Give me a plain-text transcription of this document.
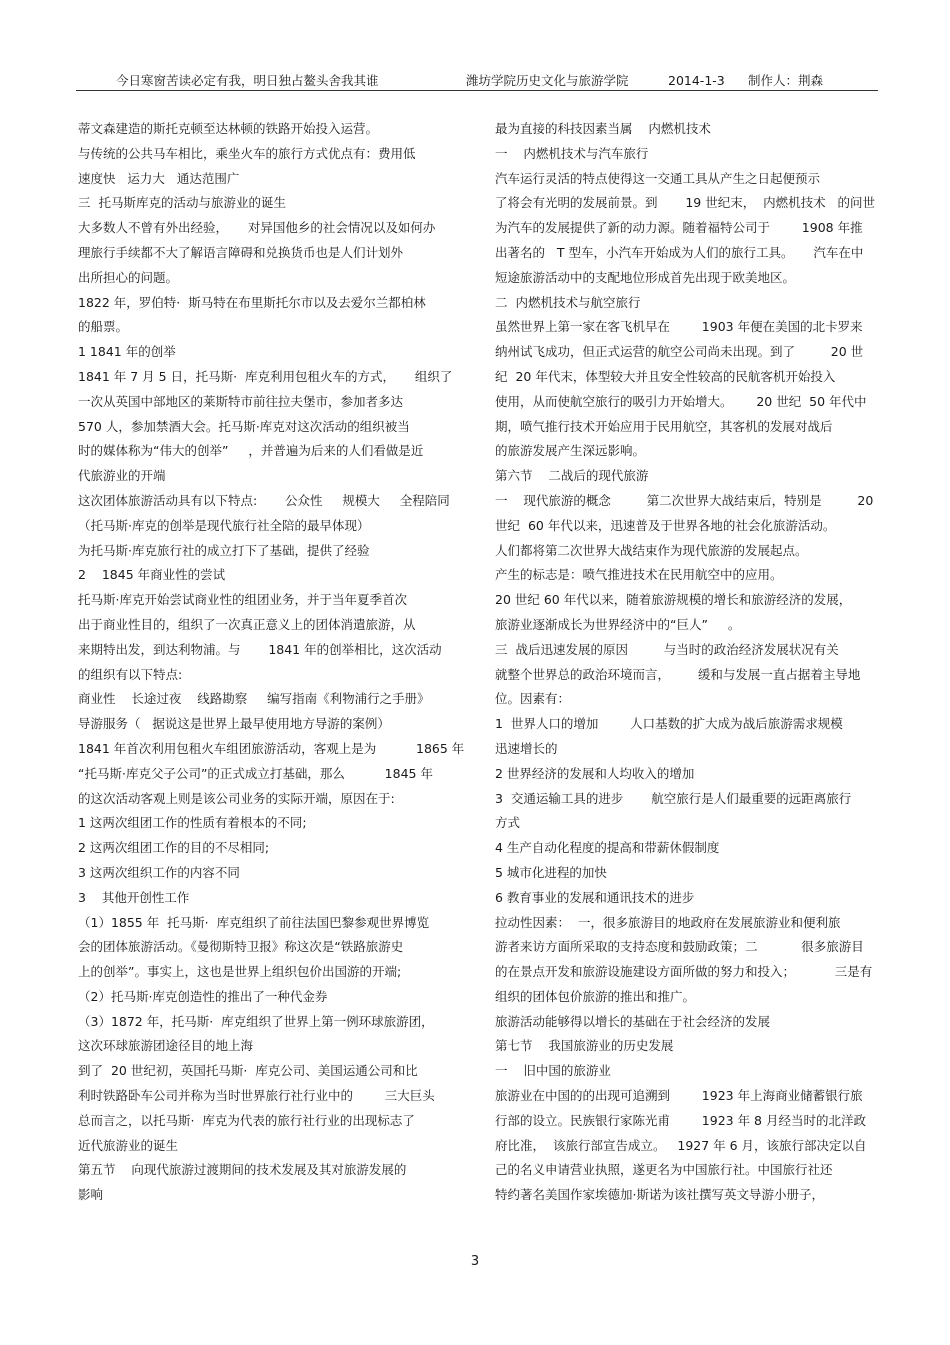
今日寒窗苦读必定有我，明日独占鳌头舍我其谁	潍坊学院历史文化与旅游学院	2014-1-3 制作人：荆森
蒂文森建造的斯托克顿至达林顿的铁路开始投入运营。
与传统的公共马车相比，乘坐火车的旅行方式优点有：费用低
速度快   运力大   通达范围广
三  托马斯库克的活动与旅游业的诞生
大多数人不曾有外出经验，     对异国他乡的社会情况以及如何办
理旅行手续都不大了解语言障碍和兑换货币也是人们计划外
出所担心的问题。
1822 年，罗伯特·  斯马特在布里斯托尔市以及去爱尔兰都柏林
的船票。
1 1841 年的创举
1841 年 7 月 5 日，托马斯·  库克利用包租火车的方式，     组织了
一次从英国中部地区的莱斯特市前往拉夫堡市，参加者多达
570 人，参加禁酒大会。托马斯·库克对这次活动的组织被当
时的媒体称为“伟大的创举”     ，并普遍为后来的人们看做是近
代旅游业的开端
这次团体旅游活动具有以下特点:       公众性     规模大     全程陪同
（托马斯·库克的创举是现代旅行社全陪的最早体现）
为托马斯·库克旅行社的成立打下了基础，提供了经验
2    1845 年商业性的尝试
托马斯·库克开始尝试商业性的组团业务，并于当年夏季首次
出于商业性目的，组织了一次真正意义上的团体消遣旅游，从
来期特出发，到达利物浦。与       1841 年的创举相比，这次活动
的组织有以下特点:
商业性    长途过夜    线路勘察     编写指南《利物浦行之手册》
导游服务（   据说这是世界上最早使用地方导游的案例）
1841 年首次利用包租火车组团旅游活动，客观上是为          1865 年
“托马斯·库克父子公司”的正式成立打基础，那么          1845 年
的这次活动客观上则是该公司业务的实际开端，原因在于:
1 这两次组团工作的性质有着根本的不同;
2 这两次组团工作的目的不尽相同;
3 这两次组织工作的内容不同
3    其他开创性工作
（1）1855 年  托马斯·  库克组织了前往法国巴黎参观世界博览
会的团体旅游活动。《曼彻斯特卫报》称这次是“铁路旅游史
上的创举”。事实上，这也是世界上组织包价出国游的开端;
（2）托马斯·库克创造性的推出了一种代金券
（3）1872 年，托马斯·  库克组织了世界上第一例环球旅游团，
这次环球旅游团途径目的地上海
到了  20 世纪初，英国托马斯·  库克公司、美国运通公司和比
利时铁路卧车公司并称为当时世界旅行社行业中的        三大巨头
总而言之，以托马斯·  库克为代表的旅行社行业的出现标志了
近代旅游业的诞生
第五节    向现代旅游过渡期间的技术发展及其对旅游发展的
影响
最为直接的科技因素当属    内燃机技术
一    内燃机技术与汽车旅行
汽车运行灵活的特点使得这一交通工具从产生之日起便预示
了将会有光明的发展前景。到       19 世纪末，  内燃机技术   的问世
为汽车的发展提供了新的动力源。随着福特公司于        1908 年推
出著名的   T 型车，小汽车开始成为人们的旅行工具。     汽车在中
短途旅游活动中的支配地位形成首先出现于欧美地区。
二  内燃机技术与航空旅行
虽然世界上第一家在客飞机早在        1903 年便在美国的北卡罗来
纳州试飞成功，但正式运营的航空公司尚未出现。到了         20 世
纪  20 年代末，体型较大并且安全性较高的民航客机开始投入
使用，从而使航空旅行的吸引力开始增大。      20 世纪  50 年代中
期，喷气推行技术开始应用于民用航空，其客机的发展对战后
的旅游发展产生深远影响。
第六节    二战后的现代旅游
一    现代旅游的概念         第二次世界大战结束后，特别是         20
世纪  60 年代以来，迅速普及于世界各地的社会化旅游活动。
人们都将第二次世界大战结束作为现代旅游的发展起点。
产生的标志是：喷气推进技术在民用航空中的应用。
20 世纪 60 年代以来，随着旅游规模的增长和旅游经济的发展，
旅游业逐渐成长为世界经济中的“巨人”     。
三  战后迅速发展的原因         与当时的政治经济发展状况有关
就整个世界总的政治环境而言，       缓和与发展一直占据着主导地
位。因素有：
1  世界人口的增加        人口基数的扩大成为战后旅游需求规模
迅速增长的
2 世界经济的发展和人均收入的增加
3  交通运输工具的进步       航空旅行是人们最重要的远距离旅行
方式
4 生产自动化程度的提高和带薪休假制度
5 城市化进程的加快
6 教育事业的发展和通讯技术的进步
拉动性因素：  一，很多旅游目的地政府在发展旅游业和便利旅
游者来访方面所采取的支持态度和鼓励政策；二           很多旅游目
的在景点开发和旅游设施建设方面所做的努力和投入；          三是有
组织的团体包价旅游的推出和推广。
旅游活动能够得以增长的基础在于社会经济的发展
第七节    我国旅游业的历史发展
一    旧中国的旅游业
旅游业在中国的的出现可追溯到        1923 年上海商业储蓄银行旅
行部的设立。民族银行家陈光甫        1923 年 8 月经当时的北洋政
府比准，  该旅行部宣告成立。   1927 年 6 月，该旅行部决定以自
己的名义申请营业执照，遂更名为中国旅行社。中国旅行社还
特约著名美国作家埃德加·斯诺为该社撰写英文导游小册子，
3
